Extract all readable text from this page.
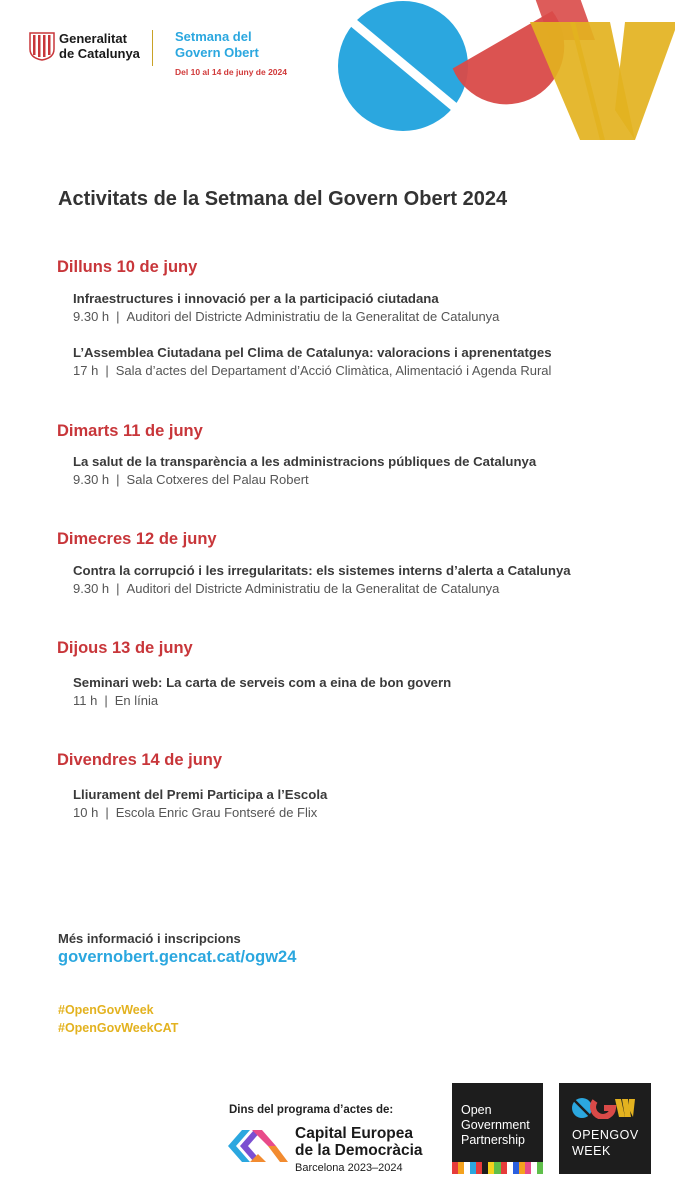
Generalitat
de Catalunya
Setmana del
Govern Obert
Del 10 al 14 de juny de 2024
Activitats de la Setmana del Govern Obert 2024
Dilluns 10 de juny
Infraestructures i innovació per a la participació ciutadana
9.30 h | Auditori del Districte Administratiu de la Generalitat de Catalunya
L’Assemblea Ciutadana pel Clima de Catalunya: valoracions i aprenentatges
17 h | Sala d’actes del Departament d’Acció Climàtica, Alimentació i Agenda Rural
Dimarts 11 de juny
La salut de la transparència a les administracions públiques de Catalunya
9.30 h | Sala Cotxeres del Palau Robert
Dimecres 12 de juny
Contra la corrupció i les irregularitats: els sistemes interns d’alerta a Catalunya
9.30 h | Auditori del Districte Administratiu de la Generalitat de Catalunya
Dijous 13 de juny
Seminari web: La carta de serveis com a eina de bon govern
11 h | En línia
Divendres 14 de juny
Lliurament del Premi Participa a l’Escola
10 h | Escola Enric Grau Fontseré de Flix
Més informació i inscripcions
governobert.gencat.cat/ogw24
#OpenGovWeek
#OpenGovWeekCAT
Dins del programa d’actes de:
Capital Europea
de la Democràcia
Barcelona 2023–2024
Open
Government
Partnership	OPENGOV
WEEK
